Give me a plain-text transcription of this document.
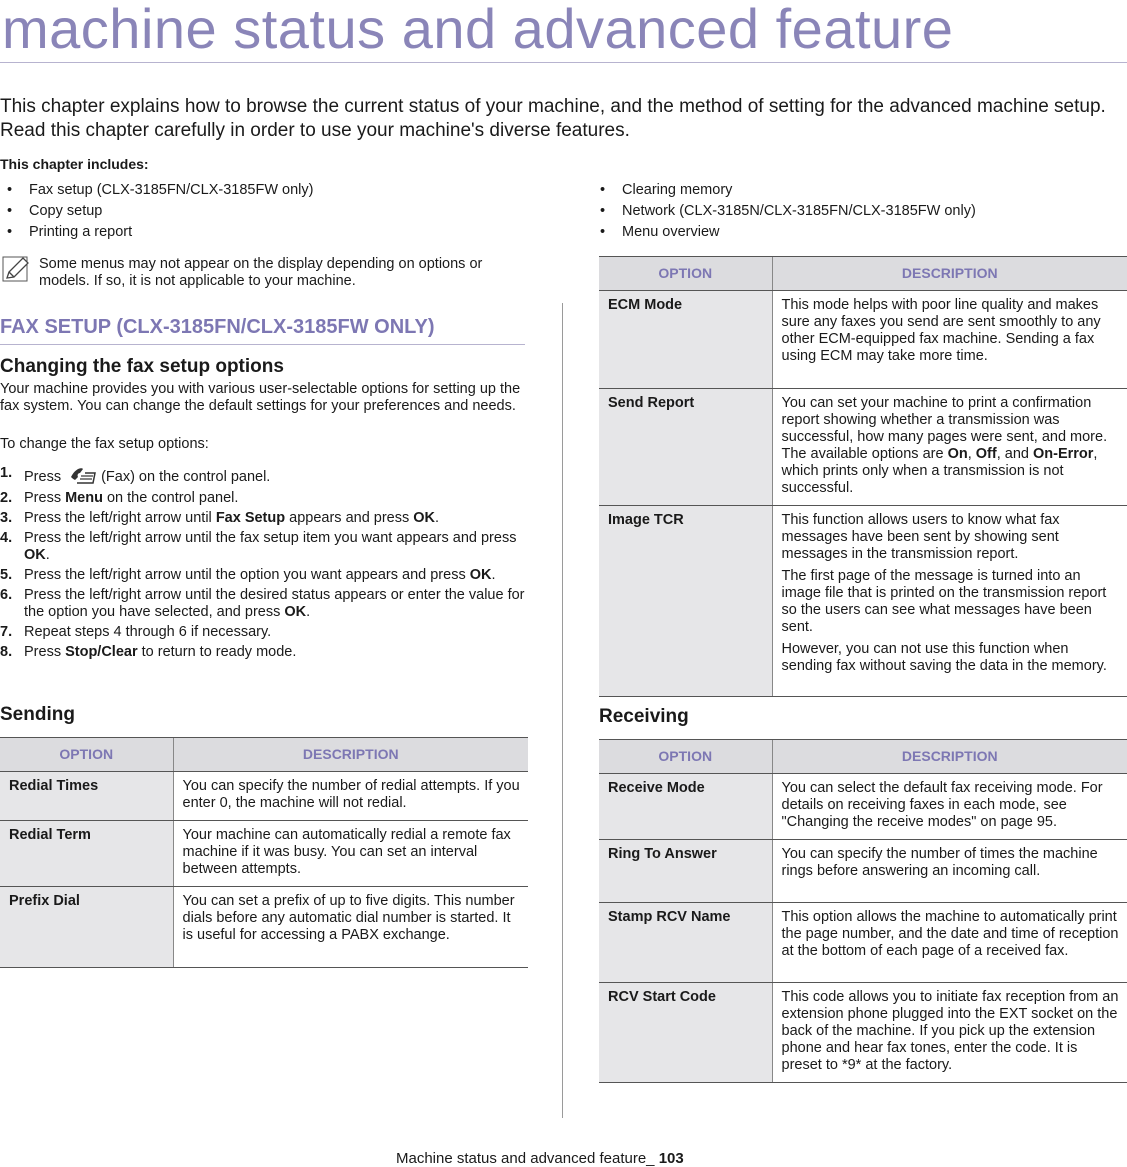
machine status and advanced feature
This chapter explains how to browse the current status of your machine, and the method of setting for the advanced machine setup. Read this chapter carefully in order to use your machine's diverse features.
This chapter includes:
• Fax setup (CLX-3185FN/CLX-3185FW only)
• Copy setup
• Printing a report
• Clearing memory
• Network (CLX-3185N/CLX-3185FN/CLX-3185FW only)
• Menu overview
Some menus may not appear on the display depending on options or models. If so, it is not applicable to your machine.
FAX SETUP (CLX-3185FN/CLX-3185FW ONLY)
Changing the fax setup options
Your machine provides you with various user-selectable options for setting up the fax system. You can change the default settings for your preferences and needs.
To change the fax setup options:
1. Press	(Fax) on the control panel.
2. Press Menu on the control panel.
3. Press the left/right arrow until Fax Setup appears and press OK.
4. Press the left/right arrow until the fax setup item you want appears and press OK.
5. Press the left/right arrow until the option you want appears and press OK.
6. Press the left/right arrow until the desired status appears or enter the value for the option you have selected, and press OK.
7. Repeat steps 4 through 6 if necessary.
8. Press Stop/Clear to return to ready mode.
Sending
OPTION	DESCRIPTION
Redial Times	You can specify the number of redial attempts. If you enter 0, the machine will not redial.
Redial Term	Your machine can automatically redial a remote fax machine if it was busy. You can set an interval between attempts.
Prefix Dial	You can set a prefix of up to five digits. This number dials before any automatic dial number is started. It is useful for accessing a PABX exchange.
OPTION	DESCRIPTION
ECM Mode	This mode helps with poor line quality and makes sure any faxes you send are sent smoothly to any other ECM-equipped fax machine. Sending a fax using ECM may take more time.
Send Report	You can set your machine to print a confirmation report showing whether a transmission was successful, how many pages were sent, and more. The available options are On, Off, and On-Error, which prints only when a transmission is not successful.
Image TCR	This function allows users to know what fax messages have been sent by showing sent messages in the transmission report.

The first page of the message is turned into an image file that is printed on the transmission report so the users can see what messages have been sent.

However, you can not use this function when sending fax without saving the data in the memory.

Receiving
OPTION	DESCRIPTION
Receive Mode	You can select the default fax receiving mode. For details on receiving faxes in each mode, see "Changing the receive modes" on page 95.
Ring To Answer	You can specify the number of times the machine rings before answering an incoming call.
Stamp RCV Name	This option allows the machine to automatically print the page number, and the date and time of reception at the bottom of each page of a received fax.
RCV Start Code	This code allows you to initiate fax reception from an extension phone plugged into the EXT socket on the back of the machine. If you pick up the extension phone and hear fax tones, enter the code. It is preset to *9* at the factory.
Machine status and advanced feature_ 103
